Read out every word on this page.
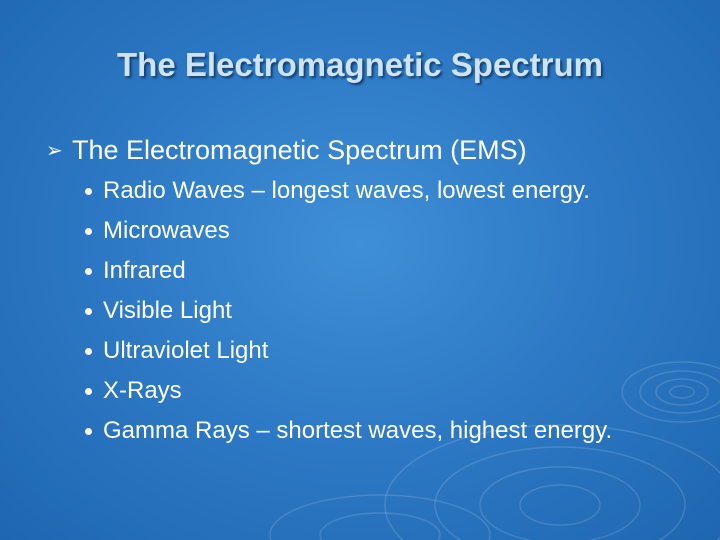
The Electromagnetic Spectrum
➢ The Electromagnetic Spectrum (EMS)
Radio Waves – longest waves, lowest energy.
Microwaves
Infrared
Visible Light
Ultraviolet Light
X-Rays
Gamma Rays – shortest waves, highest energy.
